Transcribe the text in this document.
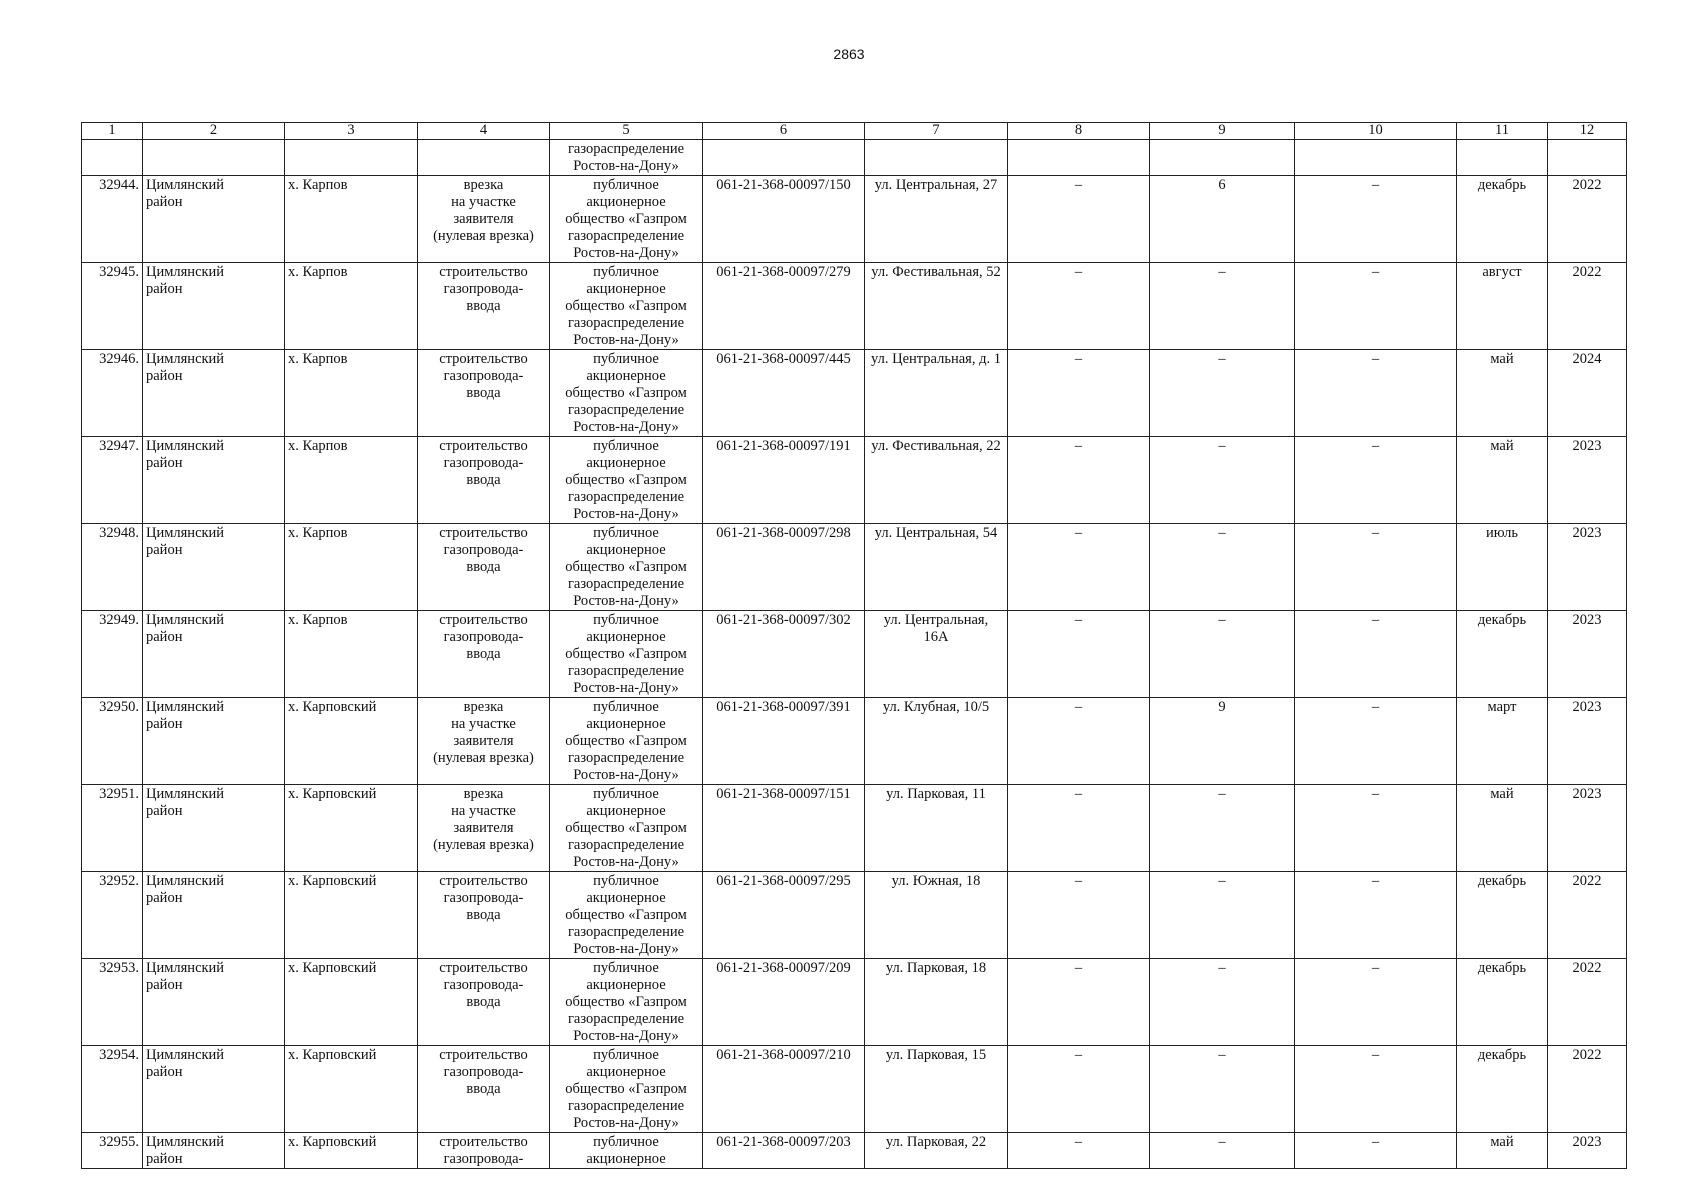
2863
1	2	3	4	5	6	7	8	9	10	11	12
				газораспределение
Ростов-на-Дону»							
32944.	Цимлянский
район	х. Карпов	врезка
на участке
заявителя
(нулевая врезка)	публичное
акционерное
общество «Газпром
газораспределение
Ростов-на-Дону»	061-21-368-00097/150	ул. Центральная, 27	–	6	–	декабрь	2022
32945.	Цимлянский
район	х. Карпов	строительство
газопровода-
ввода	публичное
акционерное
общество «Газпром
газораспределение
Ростов-на-Дону»	061-21-368-00097/279	ул. Фестивальная, 52	–	–	–	август	2022
32946.	Цимлянский
район	х. Карпов	строительство
газопровода-
ввода	публичное
акционерное
общество «Газпром
газораспределение
Ростов-на-Дону»	061-21-368-00097/445	ул. Центральная, д. 1	–	–	–	май	2024
32947.	Цимлянский
район	х. Карпов	строительство
газопровода-
ввода	публичное
акционерное
общество «Газпром
газораспределение
Ростов-на-Дону»	061-21-368-00097/191	ул. Фестивальная, 22	–	–	–	май	2023
32948.	Цимлянский
район	х. Карпов	строительство
газопровода-
ввода	публичное
акционерное
общество «Газпром
газораспределение
Ростов-на-Дону»	061-21-368-00097/298	ул. Центральная, 54	–	–	–	июль	2023
32949.	Цимлянский
район	х. Карпов	строительство
газопровода-
ввода	публичное
акционерное
общество «Газпром
газораспределение
Ростов-на-Дону»	061-21-368-00097/302	ул. Центральная,
16А	–	–	–	декабрь	2023
32950.	Цимлянский
район	х. Карповский	врезка
на участке
заявителя
(нулевая врезка)	публичное
акционерное
общество «Газпром
газораспределение
Ростов-на-Дону»	061-21-368-00097/391	ул. Клубная, 10/5	–	9	–	март	2023
32951.	Цимлянский
район	х. Карповский	врезка
на участке
заявителя
(нулевая врезка)	публичное
акционерное
общество «Газпром
газораспределение
Ростов-на-Дону»	061-21-368-00097/151	ул. Парковая, 11	–	–	–	май	2023
32952.	Цимлянский
район	х. Карповский	строительство
газопровода-
ввода	публичное
акционерное
общество «Газпром
газораспределение
Ростов-на-Дону»	061-21-368-00097/295	ул. Южная, 18	–	–	–	декабрь	2022
32953.	Цимлянский
район	х. Карповский	строительство
газопровода-
ввода	публичное
акционерное
общество «Газпром
газораспределение
Ростов-на-Дону»	061-21-368-00097/209	ул. Парковая, 18	–	–	–	декабрь	2022
32954.	Цимлянский
район	х. Карповский	строительство
газопровода-
ввода	публичное
акционерное
общество «Газпром
газораспределение
Ростов-на-Дону»	061-21-368-00097/210	ул. Парковая, 15	–	–	–	декабрь	2022
32955.	Цимлянский
район	х. Карповский	строительство
газопровода-	публичное
акционерное	061-21-368-00097/203	ул. Парковая, 22	–	–	–	май	2023
